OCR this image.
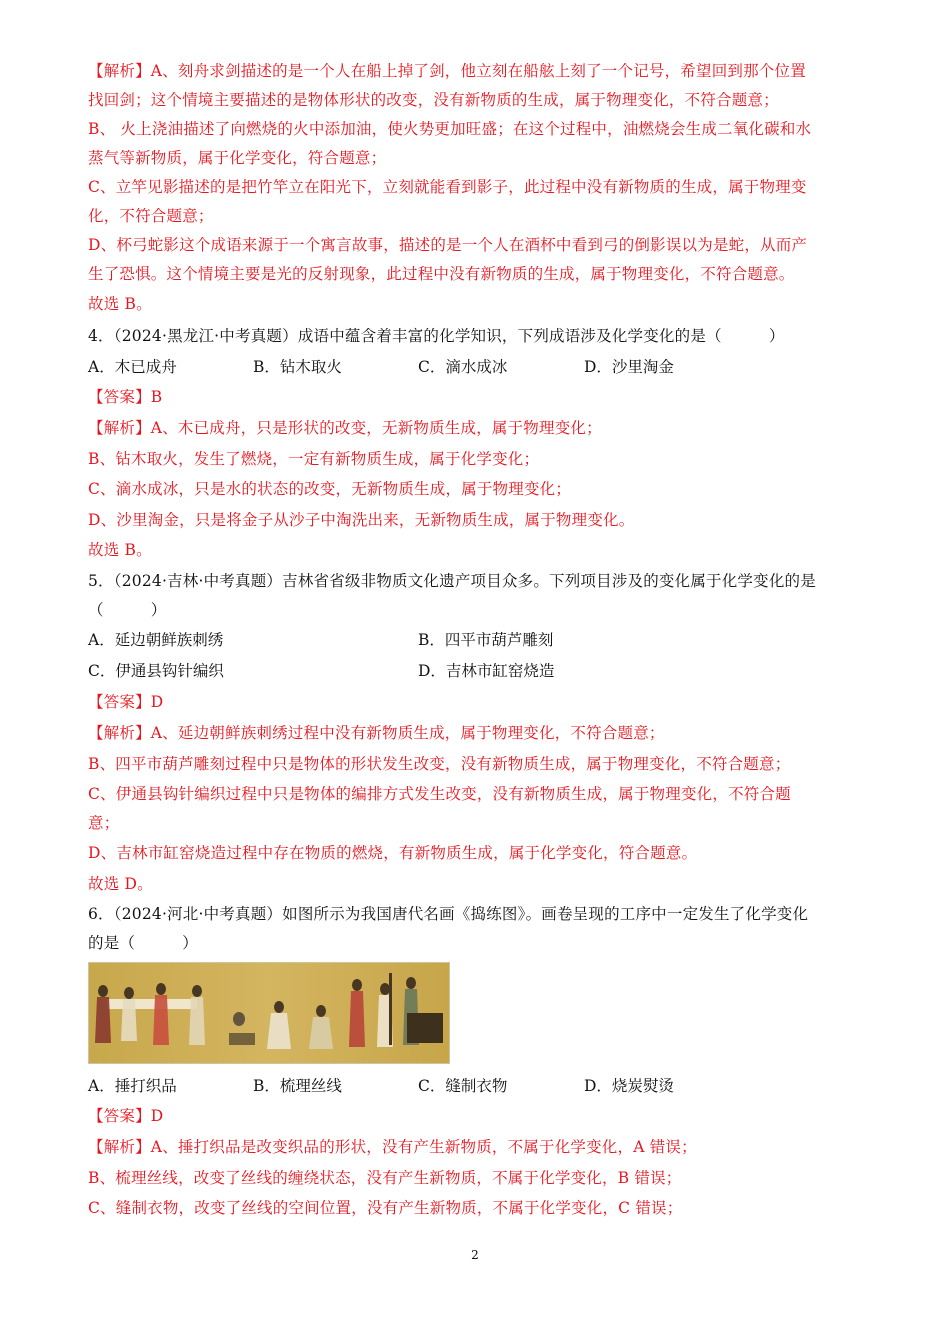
【解析】A、刻舟求剑描述的是一个人在船上掉了剑，他立刻在船舷上刻了一个记号，希望回到那个位置
找回剑；这个情境主要描述的是物体形状的改变，没有新物质的生成，属于物理变化，不符合题意；
B、 火上浇油描述了向燃烧的火中添加油，使火势更加旺盛；在这个过程中，油燃烧会生成二氧化碳和水
蒸气等新物质，属于化学变化，符合题意；
C、立竿见影描述的是把竹竿立在阳光下，立刻就能看到影子，此过程中没有新物质的生成，属于物理变
化，不符合题意；
D、杯弓蛇影这个成语来源于一个寓言故事，描述的是一个人在酒杯中看到弓的倒影误以为是蛇，从而产
生了恐惧。这个情境主要是光的反射现象，此过程中没有新物质的生成，属于物理变化，不符合题意。
故选 B。
4．（2024·黑龙江·中考真题）成语中蕴含着丰富的化学知识，下列成语涉及化学变化的是（　　　）
A．木已成舟	B．钻木取火	C．滴水成冰	D．沙里淘金
【答案】B
【解析】A、木已成舟，只是形状的改变，无新物质生成，属于物理变化；
B、钻木取火，发生了燃烧，一定有新物质生成，属于化学变化；
C、滴水成冰，只是水的状态的改变，无新物质生成，属于物理变化；
D、沙里淘金，只是将金子从沙子中淘洗出来，无新物质生成，属于物理变化。
故选 B。
5．（2024·吉林·中考真题）吉林省省级非物质文化遗产项目众多。下列项目涉及的变化属于化学变化的是
（　　　）
A．延边朝鲜族刺绣	B．四平市葫芦雕刻
C．伊通县钩针编织	D．吉林市缸窑烧造
【答案】D
【解析】A、延边朝鲜族刺绣过程中没有新物质生成，属于物理变化，不符合题意；
B、四平市葫芦雕刻过程中只是物体的形状发生改变，没有新物质生成，属于物理变化，不符合题意；
C、伊通县钩针编织过程中只是物体的编排方式发生改变，没有新物质生成，属于物理变化，不符合题
意；
D、吉林市缸窑烧造过程中存在物质的燃烧，有新物质生成，属于化学变化，符合题意。
故选 D。
6．（2024·河北·中考真题）如图所示为我国唐代名画《捣练图》。画卷呈现的工序中一定发生了化学变化
的是（　　　）
A．捶打织品	B．梳理丝线	C．缝制衣物	D．烧炭熨烫
【答案】D
【解析】A、捶打织品是改变织品的形状，没有产生新物质，不属于化学变化，A 错误；
B、梳理丝线，改变了丝线的缠绕状态，没有产生新物质，不属于化学变化，B 错误；
C、缝制衣物，改变了丝线的空间位置，没有产生新物质，不属于化学变化，C 错误；
2
